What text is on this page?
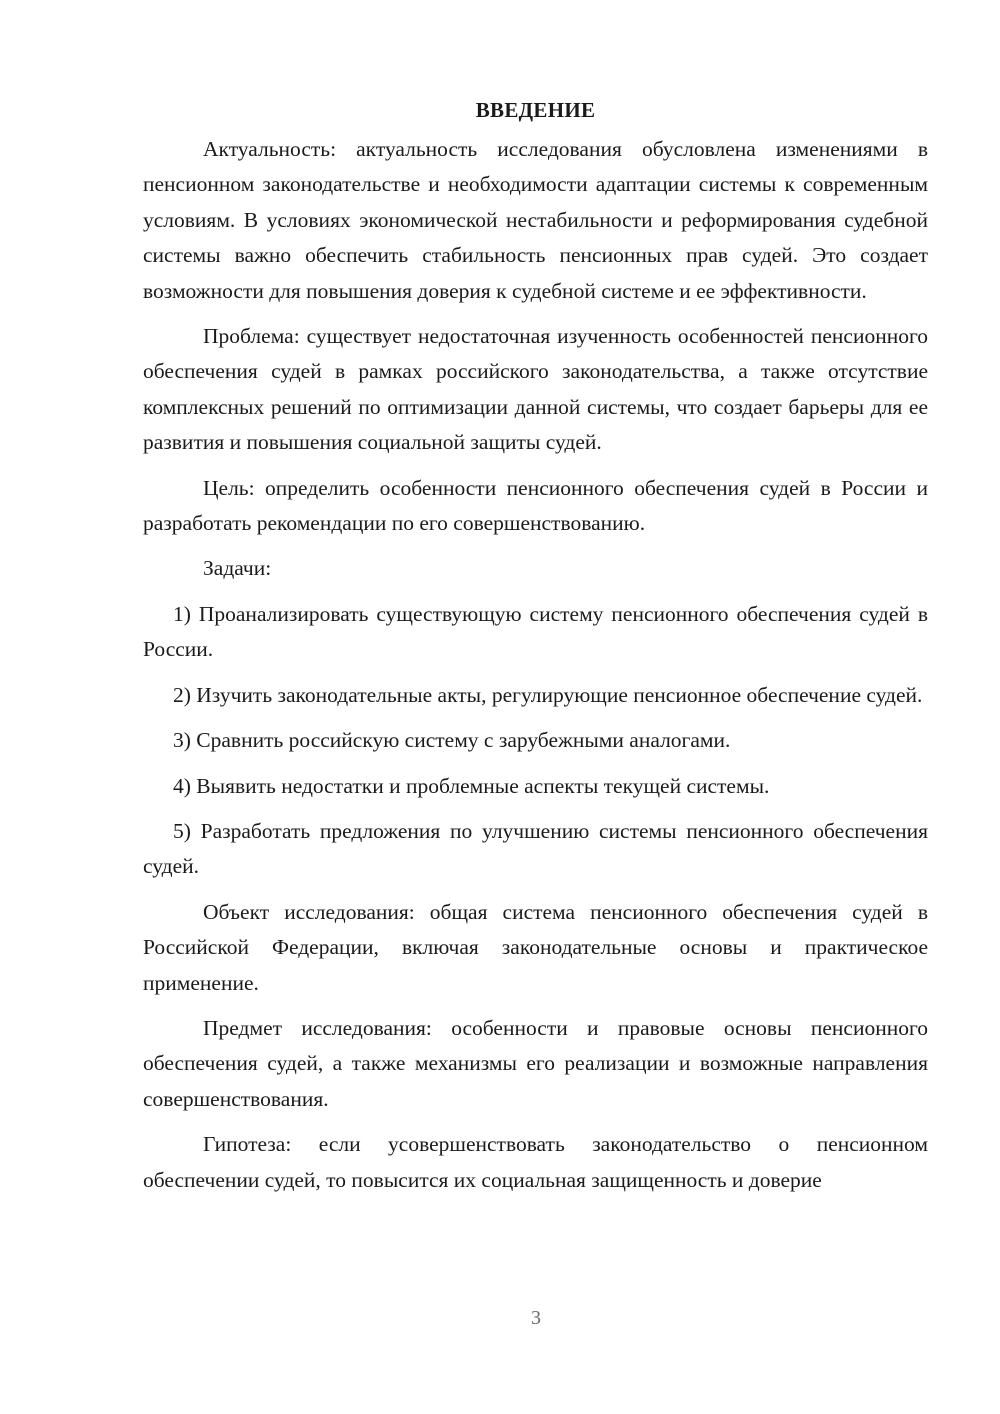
ВВЕДЕНИЕ

Актуальность: актуальность исследования обусловлена изменениями в пенсионном законодательстве и необходимости адаптации системы к современным условиям. В условиях экономической нестабильности и реформирования судебной системы важно обеспечить стабильность пенсионных прав судей. Это создает возможности для повышения доверия к судебной системе и ее эффективности.

Проблема: существует недостаточная изученность особенностей пенсионного обеспечения судей в рамках российского законодательства, а также отсутствие комплексных решений по оптимизации данной системы, что создает барьеры для ее развития и повышения социальной защиты судей.

Цель: определить особенности пенсионного обеспечения судей в России и разработать рекомендации по его совершенствованию.

Задачи:

1) Проанализировать существующую систему пенсионного обеспечения судей в России.

2) Изучить законодательные акты, регулирующие пенсионное обеспечение судей.

3) Сравнить российскую систему с зарубежными аналогами.

4) Выявить недостатки и проблемные аспекты текущей системы.

5) Разработать предложения по улучшению системы пенсионного обеспечения судей.

Объект исследования: общая система пенсионного обеспечения судей в Российской Федерации, включая законодательные основы и практическое применение.

Предмет исследования: особенности и правовые основы пенсионного обеспечения судей, а также механизмы его реализации и возможные направления совершенствования.

Гипотеза: если усовершенствовать законодательство о пенсионном обеспечении судей, то повысится их социальная защищенность и доверие

3
